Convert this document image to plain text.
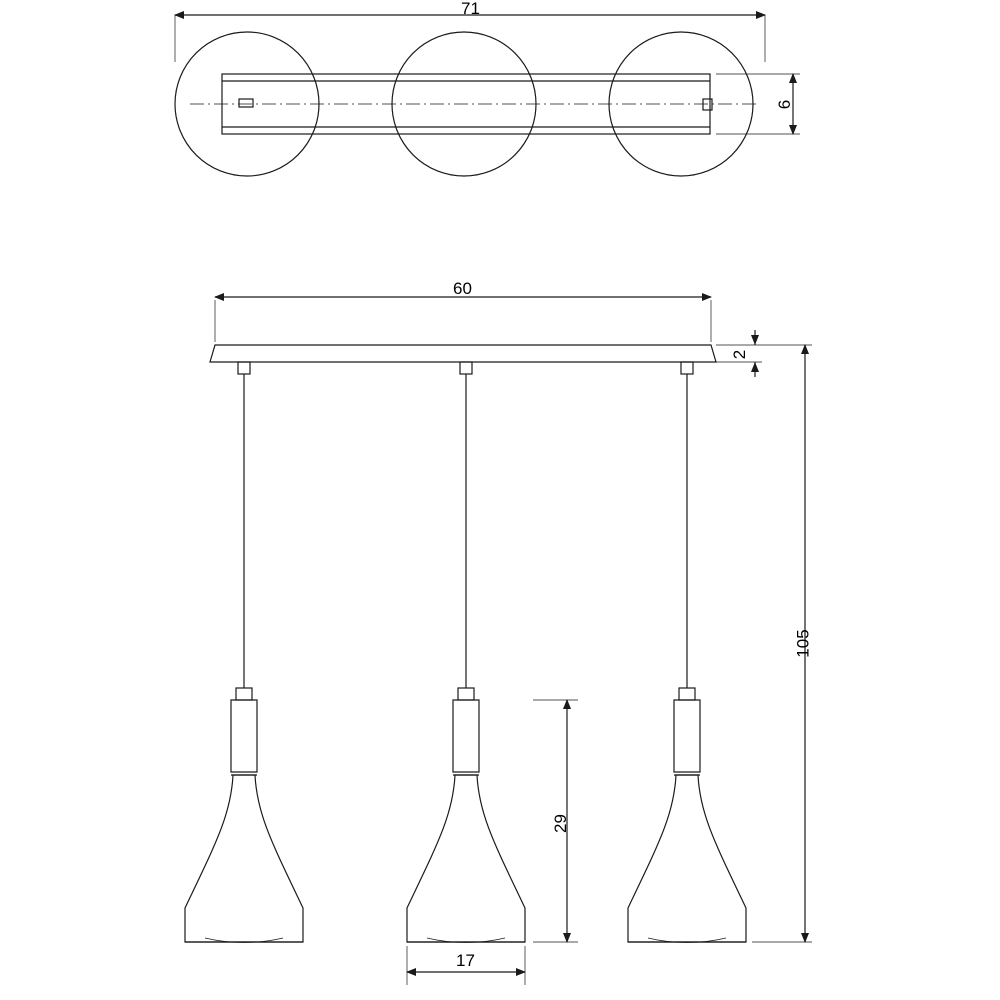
71
6
60
2
105
29
17
